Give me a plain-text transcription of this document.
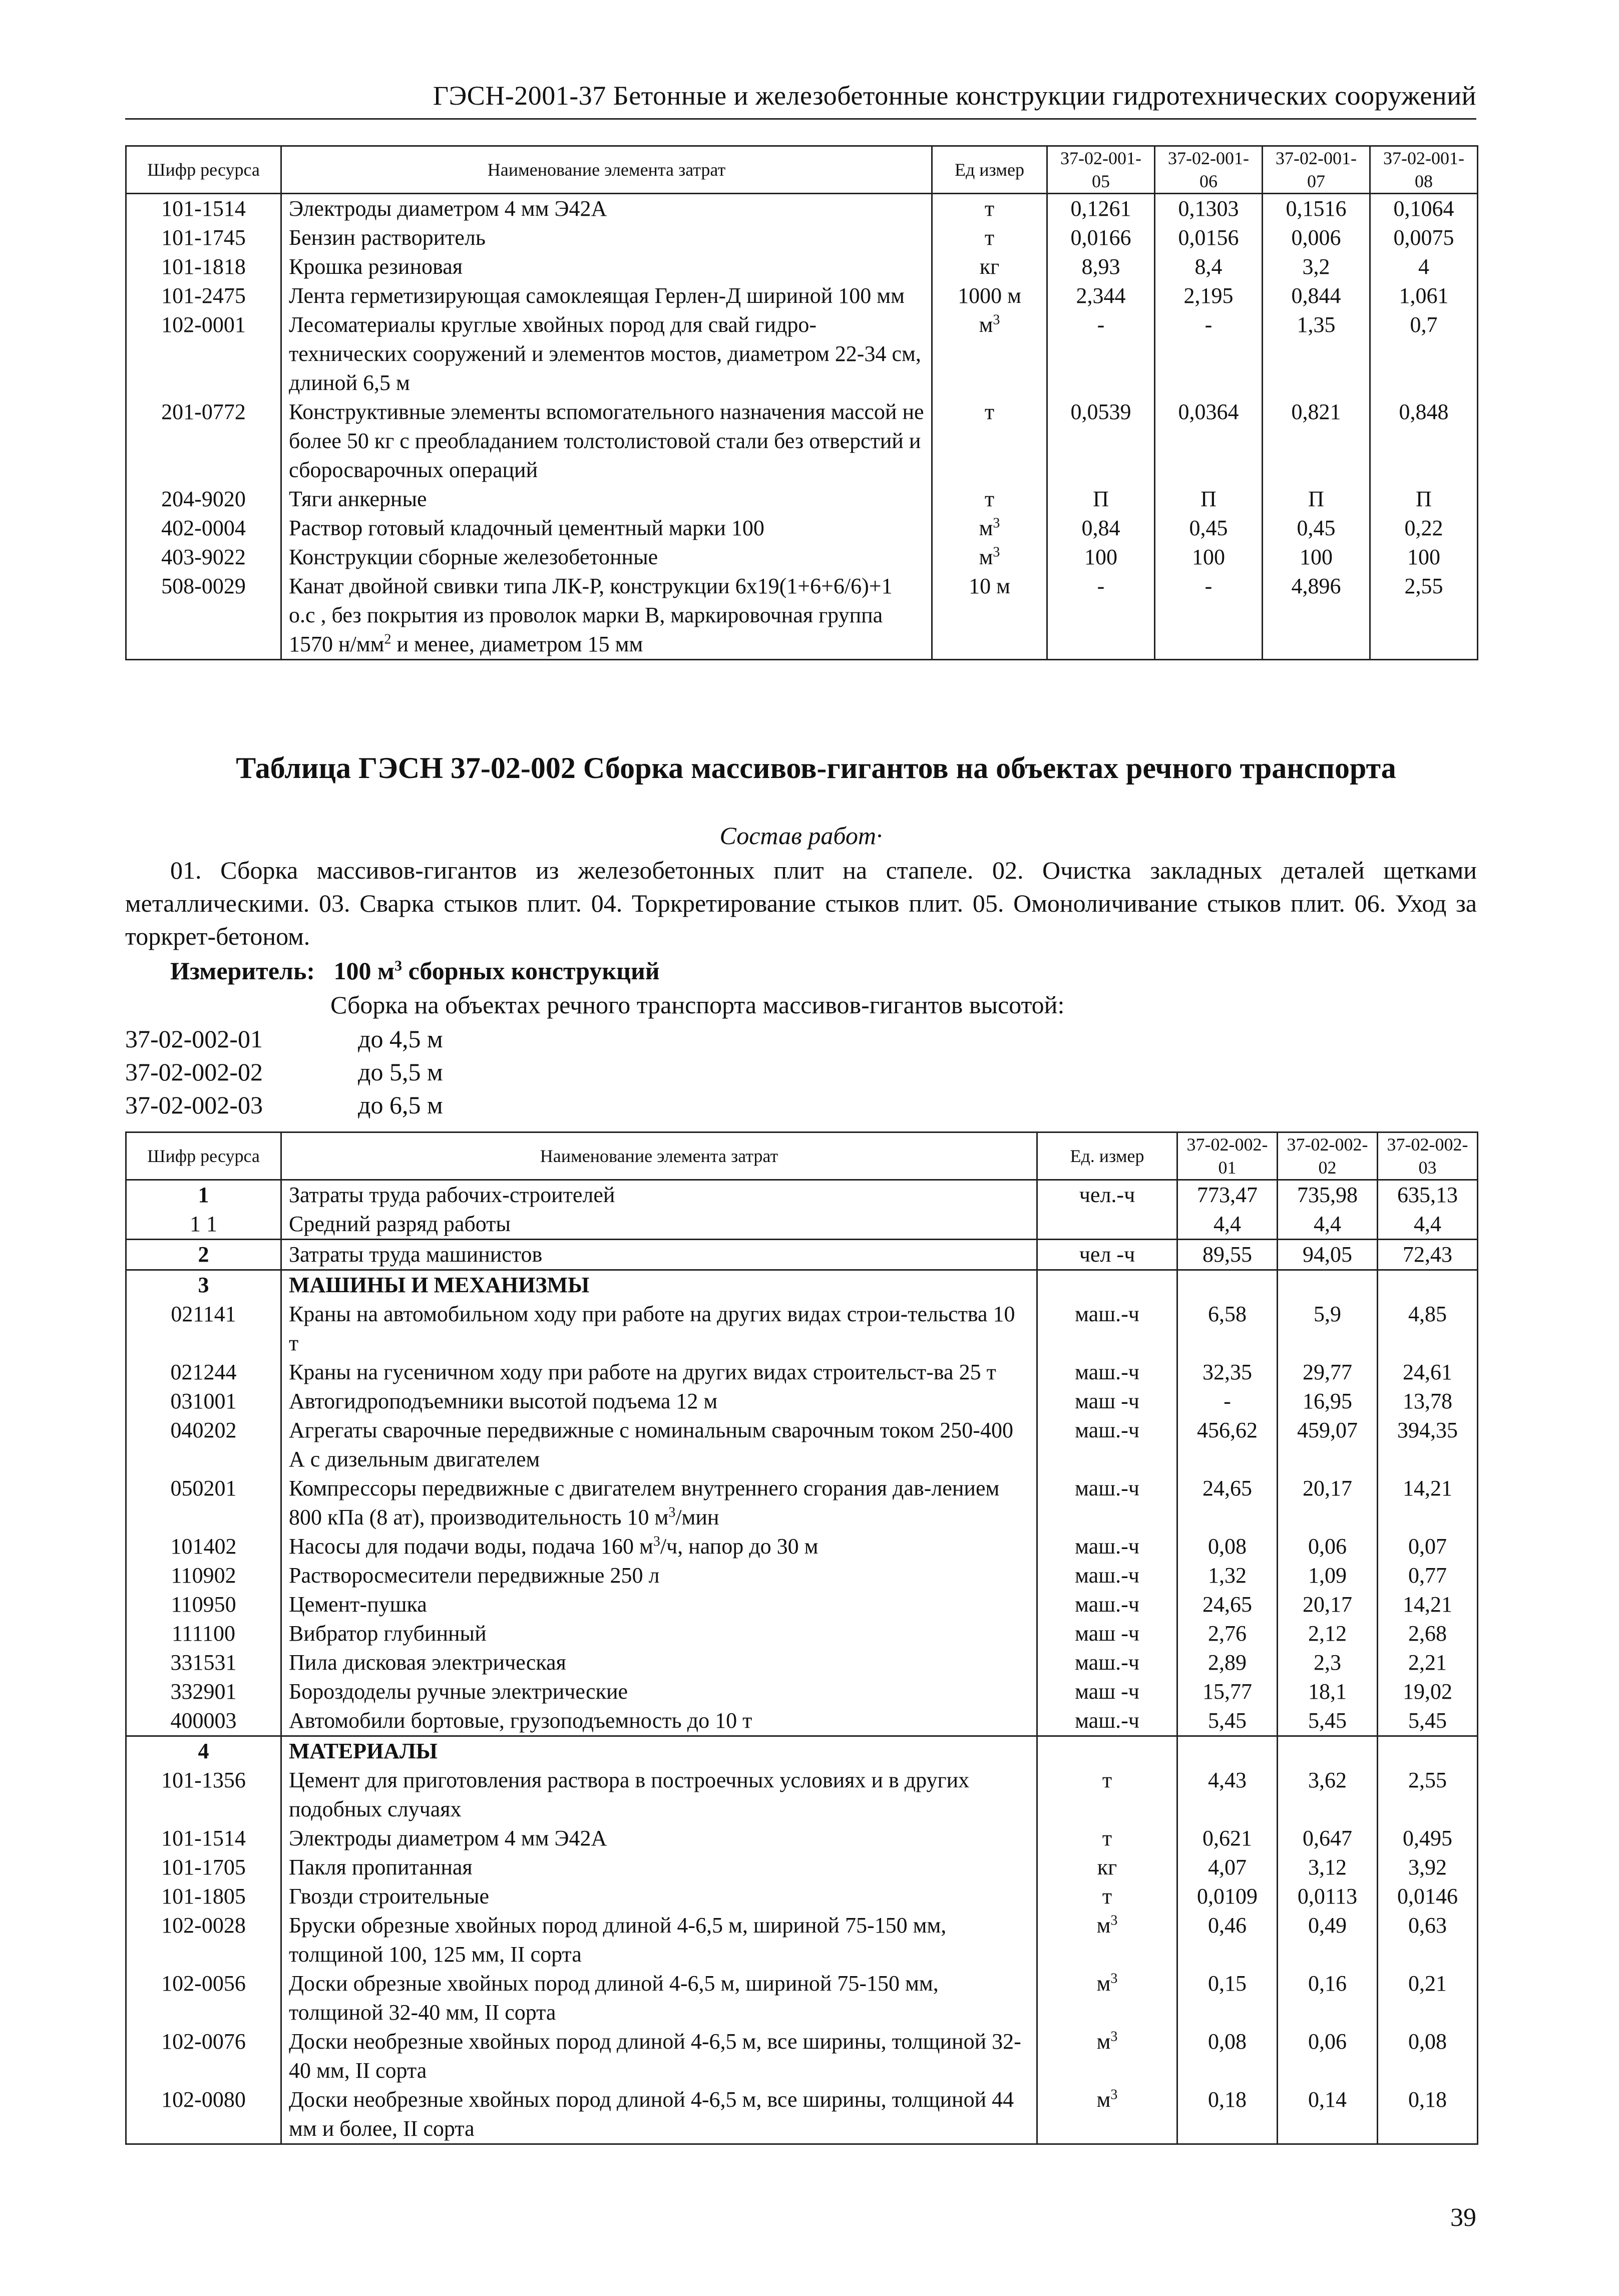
ГЭСН-2001-37 Бетонные и железобетонные конструкции гидротехнических сооружений
Шифр ресурса	Наименование элемента затрат	Ед измер	37-02-001-05	37-02-001-06	37-02-001-07	37-02-001-08
101-1514	Электроды диаметром 4 мм Э42А	т	0,1261	0,1303	0,1516	0,1064
101-1745	Бензин растворитель	т	0,0166	0,0156	0,006	0,0075
101-1818	Крошка резиновая	кг	8,93	8,4	3,2	4
101-2475	Лента герметизирующая самоклеящая Герлен-Д шириной 100 мм	1000 м	2,344	2,195	0,844	1,061
102-0001	Лесоматериалы круглые хвойных пород для свай гидро-технических сооружений и элементов мостов, диаметром 22-34 см, длиной 6,5 м	$м^3$	-	-	1,35	0,7
201-0772	Конструктивные элементы вспомогательного назначения массой не более 50 кг с преобладанием толстолистовой стали без отверстий и сборосварочных операций	т	0,0539	0,0364	0,821	0,848
204-9020	Тяги анкерные	т	П	П	П	П
402-0004	Раствор готовый кладочный цементный марки 100	$м^3$	0,84	0,45	0,45	0,22
403-9022	Конструкции сборные железобетонные	$м^3$	100	100	100	100
508-0029	Канат двойной свивки типа ЛК-Р, конструкции 6x19(1+6+6/6)+1 о.с , без покрытия из проволок марки В, маркировочная группа 1570 $н/мм^2$ и менее, диаметром 15 мм	10 м	-	-	4,896	2,55
Таблица ГЭСН 37-02-002 Сборка массивов-гигантов на объектах речного транспорта
Состав работ·
01. Сборка массивов-гигантов из железобетонных плит на стапеле. 02. Очистка закладных деталей щетками металлическими. 03. Сварка стыков плит. 04. Торкретирование стыков плит. 05. Омоноличивание стыков плит. 06. Уход за торкрет-бетоном.
Измеритель: 100 $м^3$ сборных конструкций
Сборка на объектах речного транспорта массивов-гигантов высотой:
37-02-002-01	до 4,5 м
37-02-002-02	до 5,5 м
37-02-002-03	до 6,5 м
Шифр ресурса	Наименование элемента затрат	Ед. измер	37-02-002-01	37-02-002-02	37-02-002-03
1	Затраты труда рабочих-строителей	чел.-ч	773,47	735,98	635,13
1 1	Средний разряд работы		4,4	4,4	4,4
2	Затраты труда машинистов	чел -ч	89,55	94,05	72,43
3	МАШИНЫ И МЕХАНИЗМЫ				
021141	Краны на автомобильном ходу при работе на других видах строи-тельства 10 т	маш.-ч	6,58	5,9	4,85
021244	Краны на гусеничном ходу при работе на других видах строительст-ва 25 т	маш.-ч	32,35	29,77	24,61
031001	Автогидроподъемники высотой подъема 12 м	маш -ч	-	16,95	13,78
040202	Агрегаты сварочные передвижные с номинальным сварочным током 250-400 А с дизельным двигателем	маш.-ч	456,62	459,07	394,35
050201	Компрессоры передвижные с двигателем внутреннего сгорания дав-лением 800 кПа (8 ат), производительность 10 $м^3$/мин	маш.-ч	24,65	20,17	14,21
101402	Насосы для подачи воды, подача 160 $м^3/ч$, напор до 30 м	маш.-ч	0,08	0,06	0,07
110902	Растворосмесители передвижные 250 л	маш.-ч	1,32	1,09	0,77
110950	Цемент-пушка	маш.-ч	24,65	20,17	14,21
111100	Вибратор глубинный	маш -ч	2,76	2,12	2,68
331531	Пила дисковая электрическая	маш.-ч	2,89	2,3	2,21
332901	Бороздоделы ручные электрические	маш -ч	15,77	18,1	19,02
400003	Автомобили бортовые, грузоподъемность до 10 т	маш.-ч	5,45	5,45	5,45
4	МАТЕРИАЛЫ				
101-1356	Цемент для приготовления раствора в построечных условиях и в других подобных случаях	т	4,43	3,62	2,55
101-1514	Электроды диаметром 4 мм Э42А	т	0,621	0,647	0,495
101-1705	Пакля пропитанная	кг	4,07	3,12	3,92
101-1805	Гвозди строительные	т	0,0109	0,0113	0,0146
102-0028	Бруски обрезные хвойных пород длиной 4-6,5 м, шириной 75-150 мм, толщиной 100, 125 мм, II сорта	$м^3$	0,46	0,49	0,63
102-0056	Доски обрезные хвойных пород длиной 4-6,5 м, шириной 75-150 мм, толщиной 32-40 мм, II сорта	$м^3$	0,15	0,16	0,21
102-0076	Доски необрезные хвойных пород длиной 4-6,5 м, все ширины, толщиной 32-40 мм, II сорта	$м^3$	0,08	0,06	0,08
102-0080	Доски необрезные хвойных пород длиной 4-6,5 м, все ширины, толщиной 44 мм и более, II сорта	$м^3$	0,18	0,14	0,18
39
